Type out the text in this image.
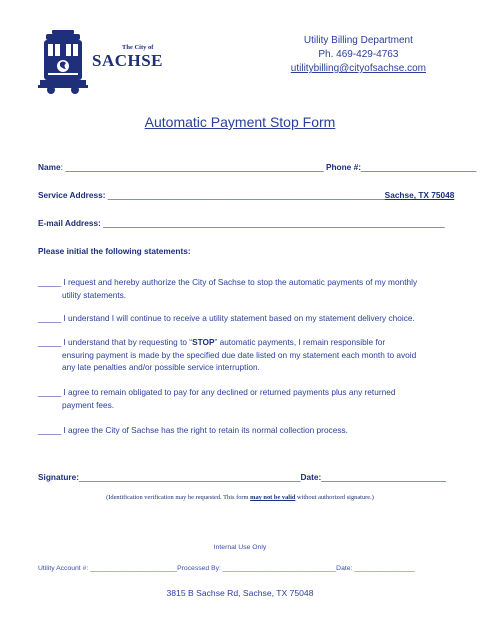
The City of
SACHSE
Utility Billing Department
Ph. 469-429-4763
utilitybilling@cityofsachse.com
Automatic Payment Stop Form
Name: ________________________________________________________ Phone #:_________________________
Service Address: ____________________________________________________________Sachse, TX 75048
E-mail Address: __________________________________________________________________________
Please initial the following statements:
_____ I request and hereby authorize the City of Sachse to stop the automatic payments of my monthly
utility statements.
_____ I understand I will continue to receive a utility statement based on my statement delivery choice.
_____ I understand that by requesting to “STOP” automatic payments, I remain responsible for
ensuring payment is made by the specified due date listed on my statement each month to avoid any late penalties and/or possible service interruption.
_____ I agree to remain obligated to pay for any declined or returned payments plus any returned
payment fees.
_____ I agree the City of Sachse has the right to retain its normal collection process.
Signature:________________________________________________Date:___________________________
(Identification verification may be requested. This form may not be valid without authorized signature.)
Internal Use Only
Utility Account #: _______________________Processed By: ______________________________Date: ________________
3815 B Sachse Rd, Sachse, TX 75048
